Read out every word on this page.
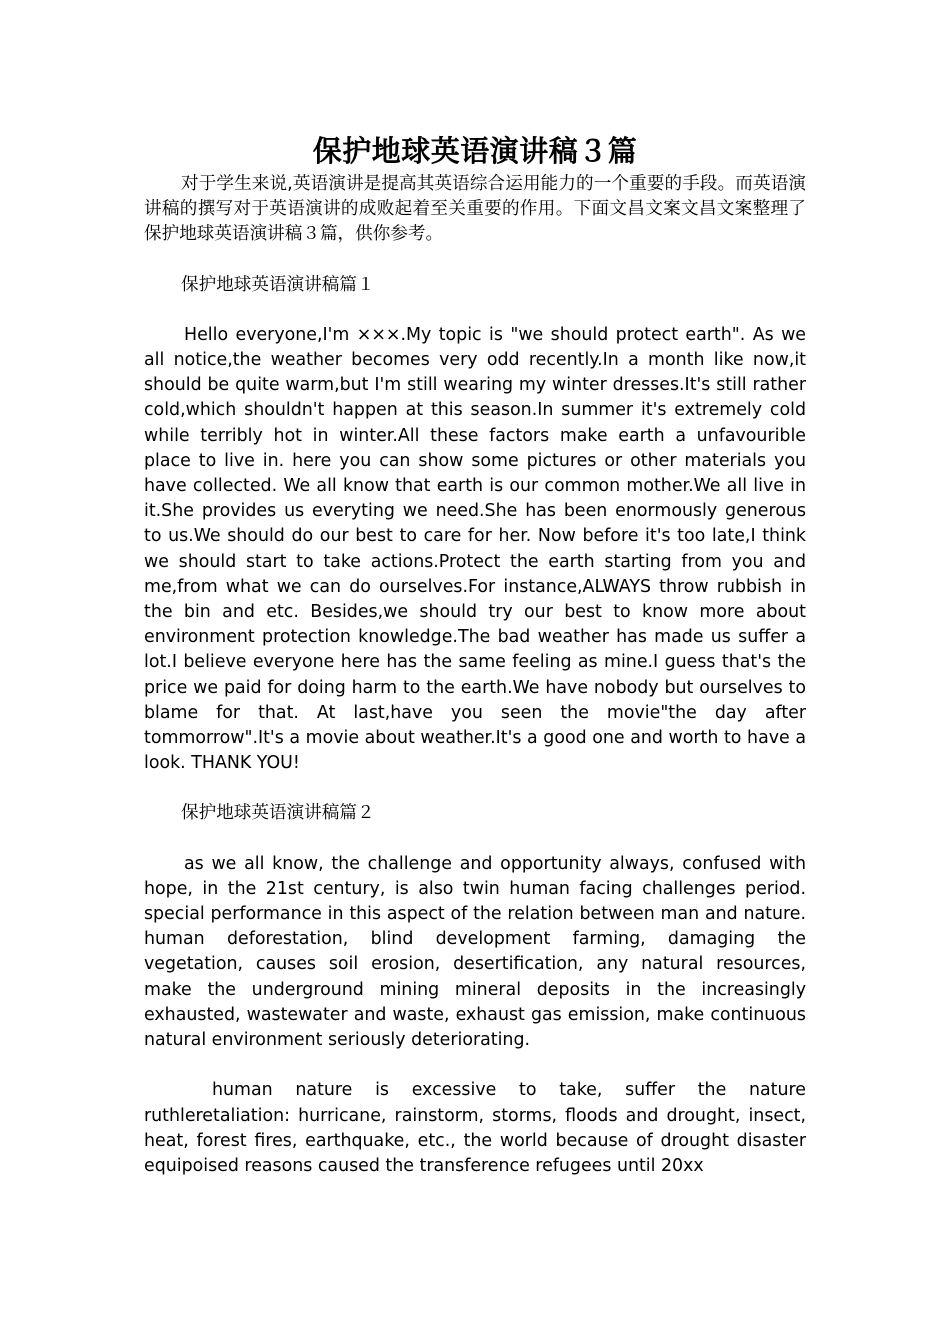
保护地球英语演讲稿３篇

对于学生来说,英语演讲是提高其英语综合运用能力的一个重要的手段。而英语演讲稿的撰写对于英语演讲的成败起着至关重要的作用。下面文昌文案文昌文案整理了保护地球英语演讲稿３篇，供你参考。

保护地球英语演讲稿篇１

Hello everyone,I'm ×××.My topic is "we should protect earth". As we all notice,the weather becomes very odd recently.In a month like now,it should be quite warm,but I'm still wearing my winter dresses.It's still rather cold,which shouldn't happen at this season.In summer it's extremely cold while terribly hot in winter.All these factors make earth a unfavourible place to live in. here you can show some pictures or other materials you have collected. We all know that earth is our common mother.We all live in it.She provides us everyting we need.She has been enormously generous to us.We should do our best to care for her. Now before it's too late,I think we should start to take actions.Protect the earth starting from you and me,from what we can do ourselves.For instance,ALWAYS throw rubbish in the bin and etc. Besides,we should try our best to know more about environment protection knowledge.The bad weather has made us suffer a lot.I believe everyone here has the same feeling as mine.I guess that's the price we paid for doing harm to the earth.We have nobody but ourselves to blame for that. At last,have you seen the movie"the day after tommorrow".It's a movie about weather.It's a good one and worth to have a look. THANK YOU!

保护地球英语演讲稿篇２

as we all know, the challenge and opportunity always, confused with hope, in the 21st century, is also twin human facing challenges period. special performance in this aspect of the relation between man and nature. human deforestation, blind development farming, damaging the vegetation, causes soil erosion, desertification, any natural resources, make the underground mining mineral deposits in the increasingly exhausted, wastewater and waste, exhaust gas emission, make continuous natural environment seriously deteriorating.

human nature is excessive to take, suffer the nature ruthleretaliation: hurricane, rainstorm, storms, floods and drought, insect, heat, forest fires, earthquake, etc., the world because of drought disaster equipoised reasons caused the transference refugees until 20xx
